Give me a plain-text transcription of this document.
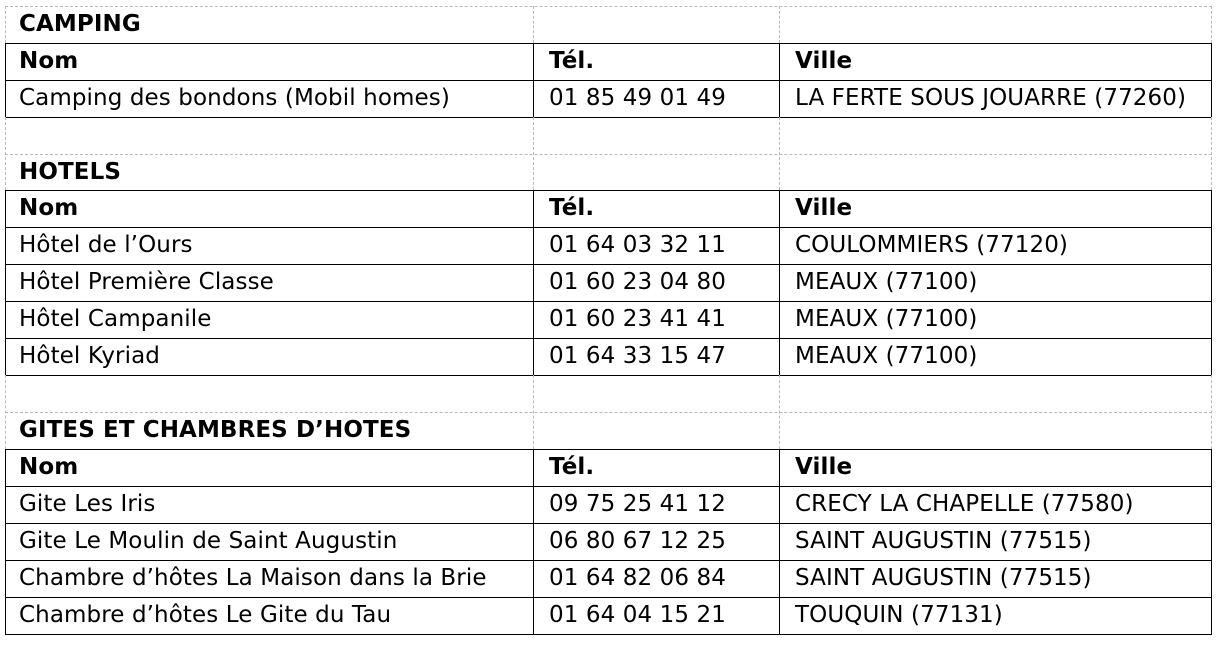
CAMPING
Nom	Tél.	Ville
Camping des bondons (Mobil homes)	01 85 49 01 49	LA FERTE SOUS JOUARRE (77260)
HOTELS
Nom	Tél.	Ville
Hôtel de l’Ours	01 64 03 32 11	COULOMMIERS (77120)
Hôtel Première Classe	01 60 23 04 80	MEAUX (77100)
Hôtel Campanile	01 60 23 41 41	MEAUX (77100)
Hôtel Kyriad	01 64 33 15 47	MEAUX (77100)
GITES ET CHAMBRES D’HOTES
Nom	Tél.	Ville
Gite Les Iris	09 75 25 41 12	CRECY LA CHAPELLE (77580)
Gite Le Moulin de Saint Augustin	06 80 67 12 25	SAINT AUGUSTIN (77515)
Chambre d’hôtes La Maison dans la Brie	01 64 82 06 84	SAINT AUGUSTIN (77515)
Chambre d’hôtes Le Gite du Tau	01 64 04 15 21	TOUQUIN (77131)
